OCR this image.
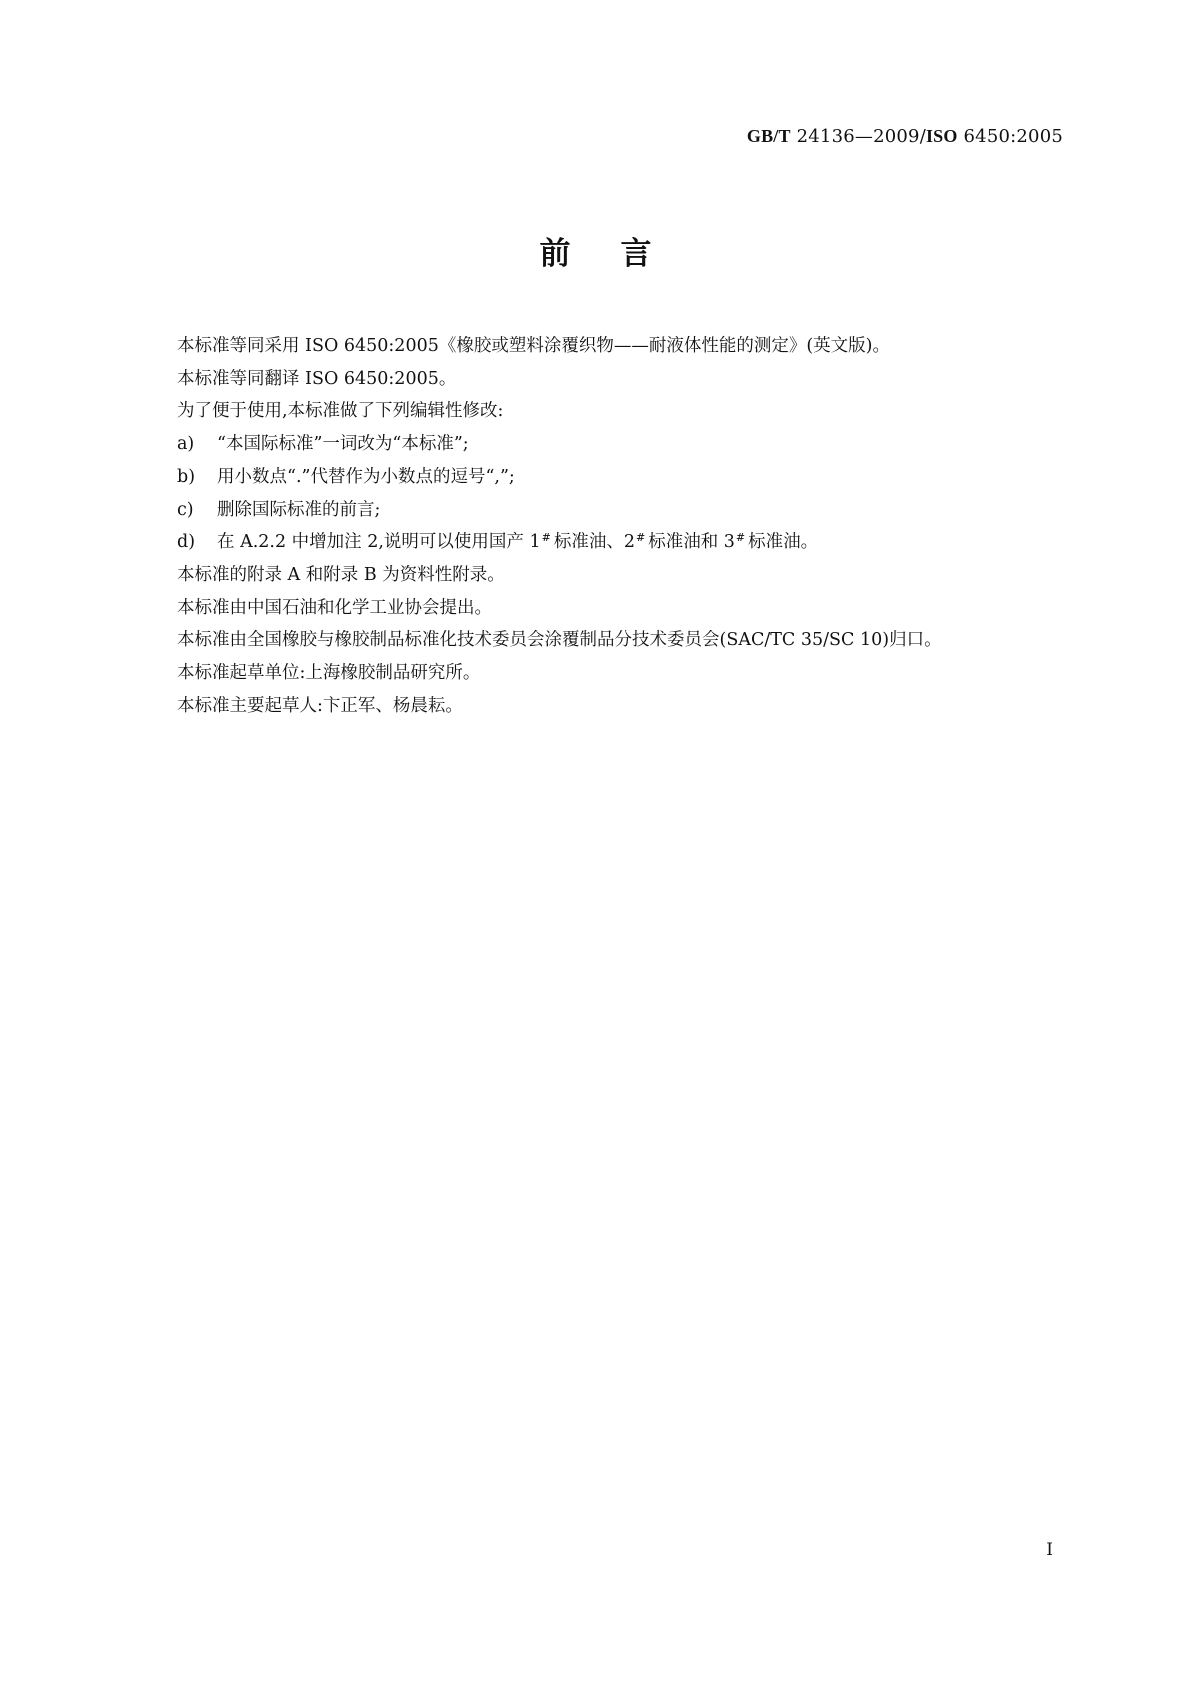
GB/T 24136—2009/ISO 6450:2005
前言

本标准等同采用 ISO 6450:2005《橡胶或塑料涂覆织物——耐液体性能的测定》(英文版)。

本标准等同翻译 ISO 6450:2005。

为了便于使用,本标准做了下列编辑性修改:

a) “本国际标准”一词改为“本标准”;

b) 用小数点“.”代替作为小数点的逗号“,”;

c) 删除国际标准的前言;

d) 在 A.2.2 中增加注 2,说明可以使用国产 1# 标准油、2# 标准油和 3# 标准油。

本标准的附录 A 和附录 B 为资料性附录。

本标准由中国石油和化学工业协会提出。

本标准由全国橡胶与橡胶制品标准化技术委员会涂覆制品分技术委员会(SAC/TC 35/SC 10)归口。

本标准起草单位:上海橡胶制品研究所。

本标准主要起草人:卞正军、杨晨耘。

I
